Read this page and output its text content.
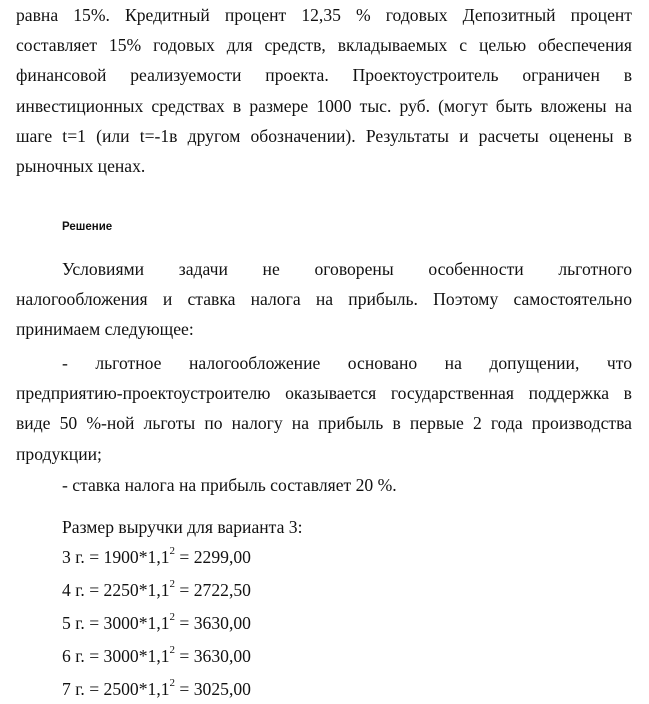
равна 15%. Кредитный процент 12,35 % годовых Депозитный процент
составляет 15% годовых для средств, вкладываемых с целью обеспечения
финансовой реализуемости проекта. Проектоустроитель ограничен в
инвестиционных средствах в размере 1000 тыс. руб. (могут быть вложены на
шаге t=1 (или t=-1в другом обозначении). Результаты и расчеты оценены в
рыночных ценах.

Решение

Условиями задачи не оговорены особенности льготного
налогообложения и ставка налога на прибыль. Поэтому самостоятельно
принимаем следующее:

- льготное налогообложение основано на допущении, что
предприятию-проектоустроителю оказывается государственная поддержка в
виде 50 %-ной льготы по налогу на прибыль в первые 2 года производства
продукции;

- ставка налога на прибыль составляет 20 %.

Размер выручки для варианта 3:

3 г. = $1900*1,1^2 = 2299,00$

4 г. = $2250*1,1^2 = 2722,50$

5 г. = $3000*1,1^2 = 3630,00$

6 г. = $3000*1,1^2 = 3630,00$

7 г. = $2500*1,1^2 = 3025,00$
